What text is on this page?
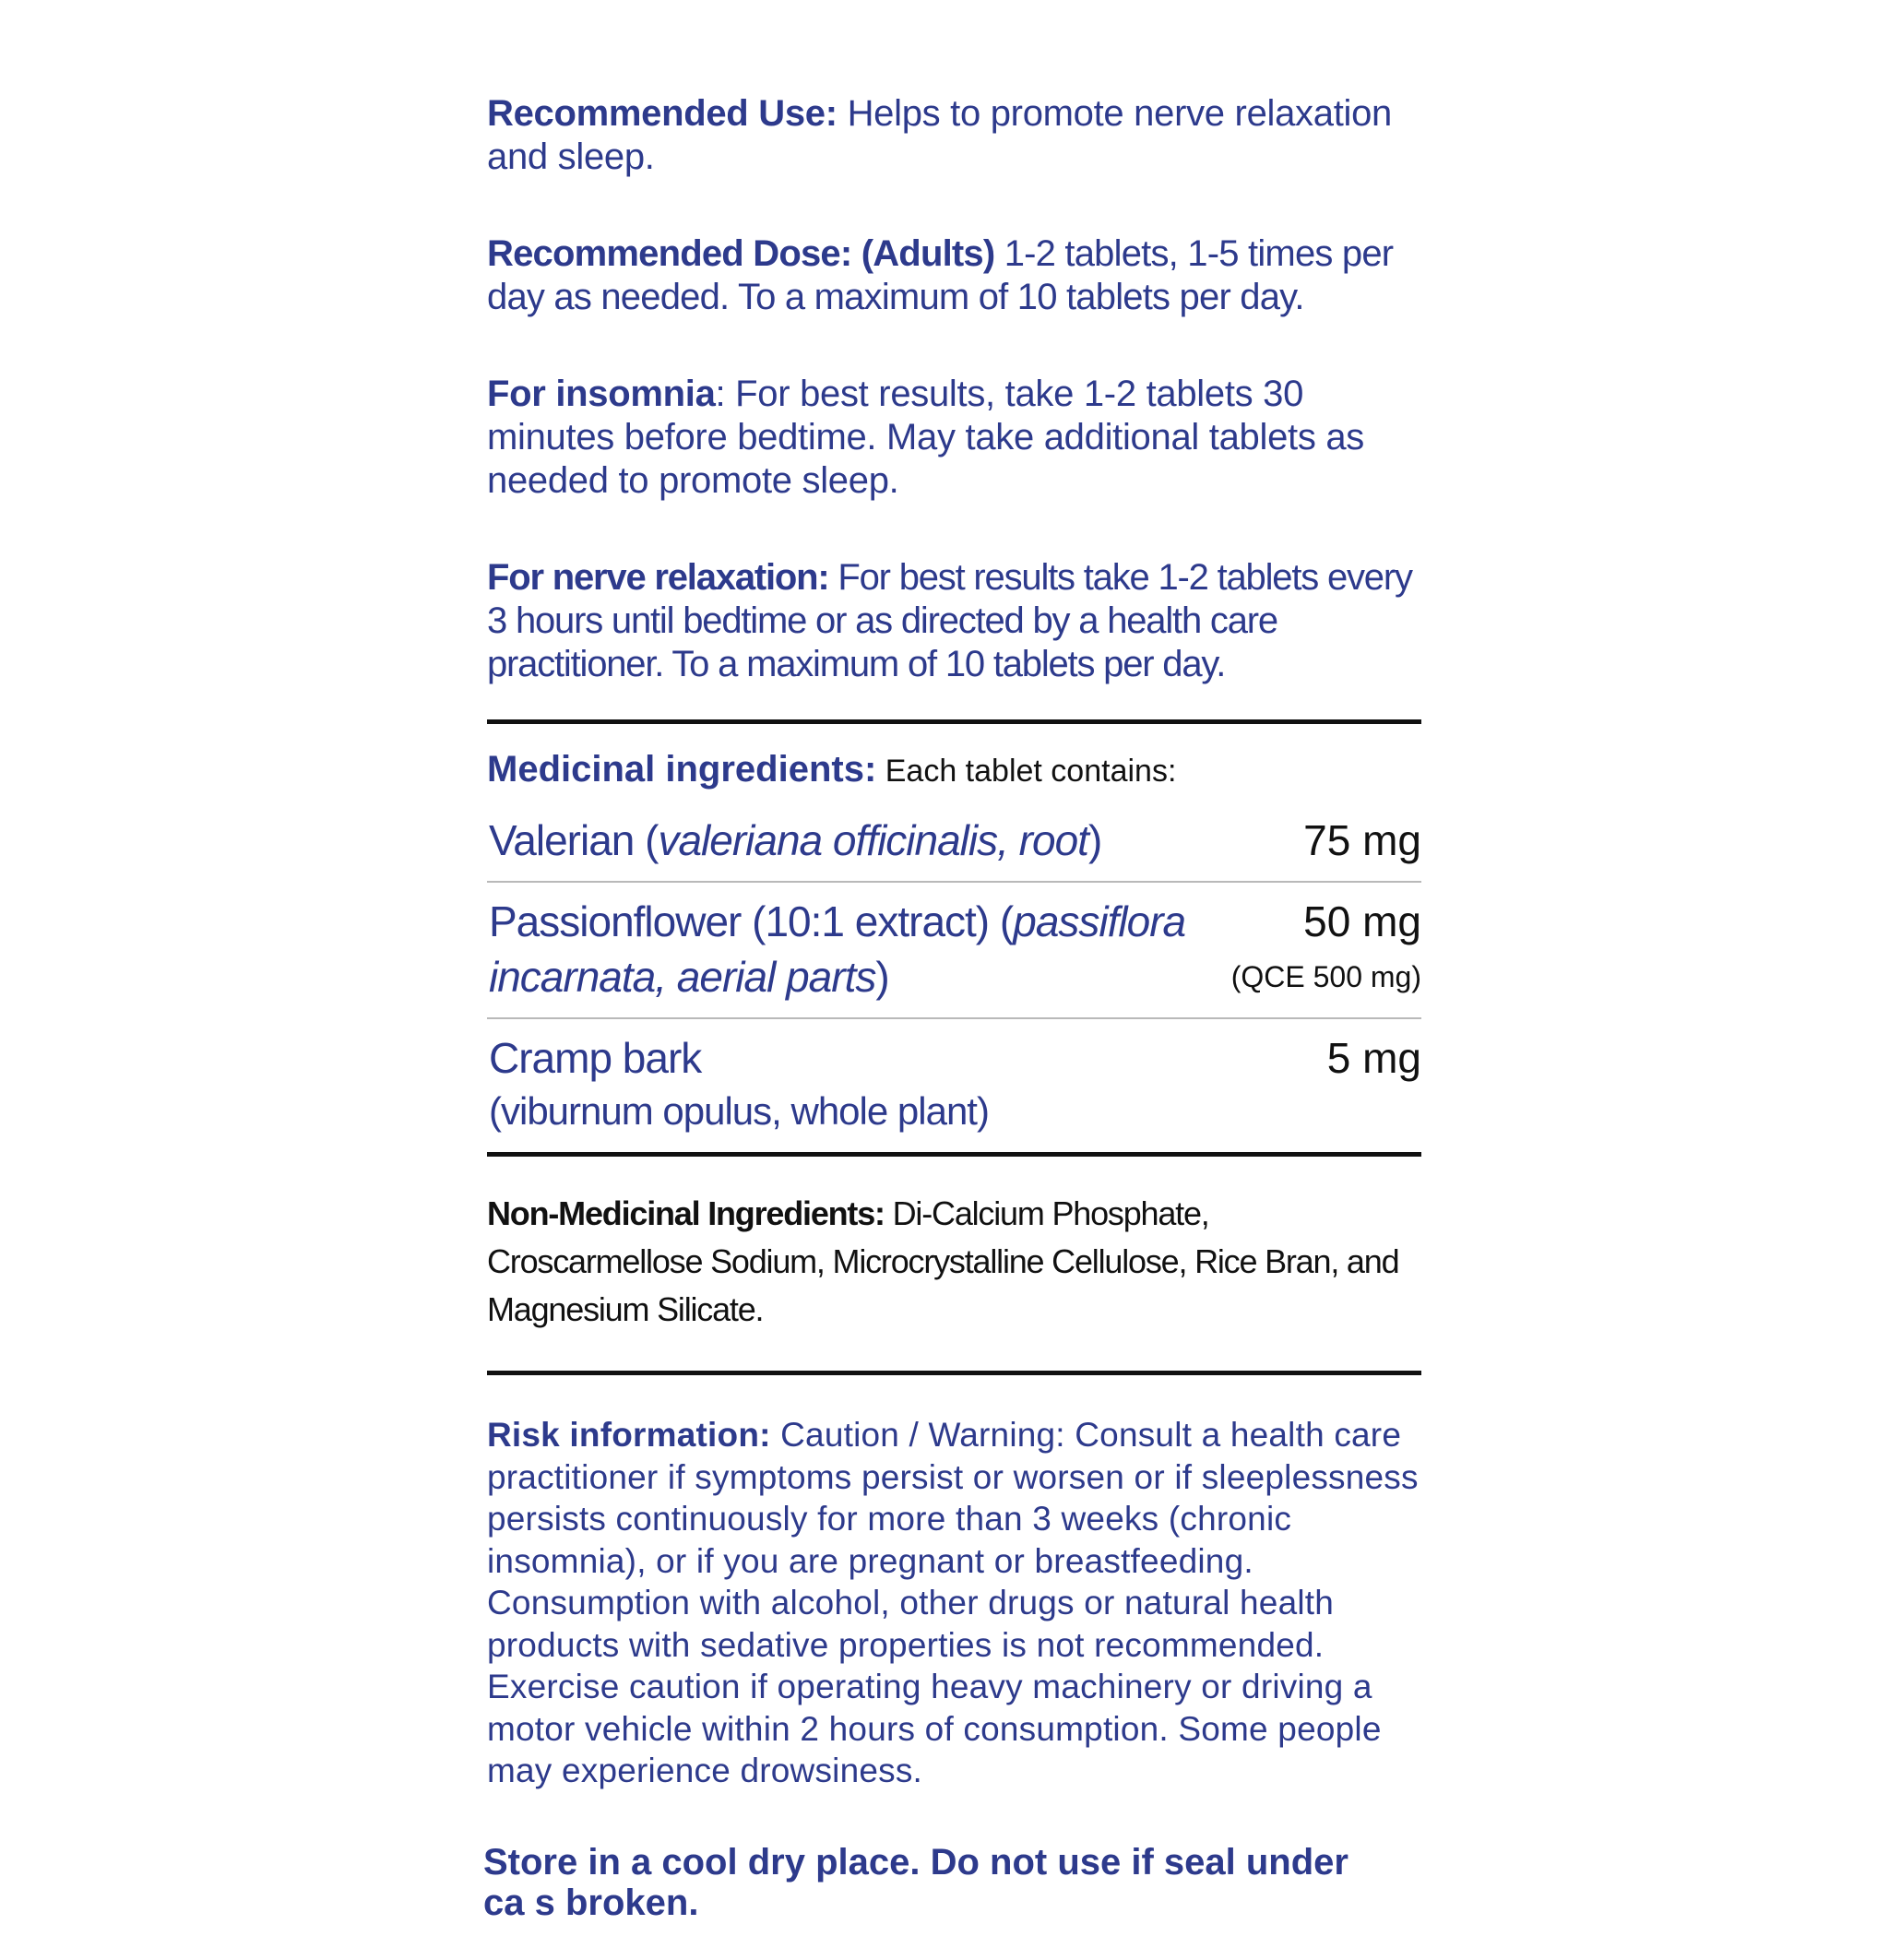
Recommended Use: Helps to promote nerve relaxation and sleep.

Recommended Dose: (Adults) 1-2 tablets, 1-5 times per day as needed. To a maximum of 10 tablets per day.

For insomnia: For best results, take 1-2 tablets 30 minutes before bedtime. May take additional tablets as needed to promote sleep.

For nerve relaxation: For best results take 1-2 tablets every 3 hours until bedtime or as directed by a health care practitioner. To a maximum of 10 tablets per day.

Medicinal ingredients: Each tablet contains:
Valerian (valeriana officinalis, root)	75 mg
Passionflower (10:1 extract) (passiflora incarnata, aerial parts)
50 mg
(QCE 500 mg)
Cramp bark
(viburnum opulus, whole plant)
5 mg

Non-Medicinal Ingredients: Di-Calcium Phosphate, Croscarmellose Sodium, Microcrystalline Cellulose, Rice Bran, and Magnesium Silicate.

Risk information: Caution / Warning: Consult a health care practitioner if symptoms persist or worsen or if sleeplessness persists continuously for more than 3 weeks (chronic insomnia), or if you are pregnant or breastfeeding. Consumption with alcohol, other drugs or natural health products with sedative properties is not recommended. Exercise caution if operating heavy machinery or driving a motor vehicle within 2 hours of consumption. Some people may experience drowsiness.

Store in a cool dry place. Do not use if seal under ca s broken.
